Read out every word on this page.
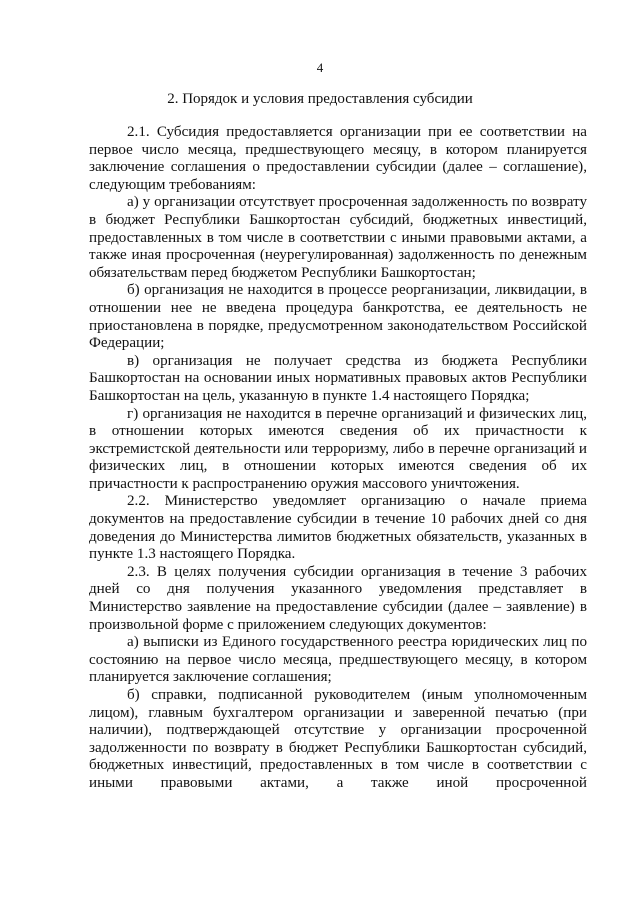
4
2. Порядок и условия предоставления субсидии

2.1. Субсидия предоставляется организации при ее соответствии на первое число месяца, предшествующего месяцу, в котором планируется заключение соглашения о предоставлении субсидии (далее – соглашение), следующим требованиям:

а) у организации отсутствует просроченная задолженность по возврату в бюджет Республики Башкортостан субсидий, бюджетных инвестиций, предоставленных в том числе в соответствии с иными правовыми актами, а также иная просроченная (неурегулированная) задолженность по денежным обязательствам перед бюджетом Республики Башкортостан;

б) организация не находится в процессе реорганизации, ликвидации, в отношении нее не введена процедура банкротства, ее деятельность не приостановлена в порядке, предусмотренном законодательством Российской Федерации;

в) организация не получает средства из бюджета Республики Башкортостан на основании иных нормативных правовых актов Республики Башкортостан на цель, указанную в пункте 1.4 настоящего Порядка;

г) организация не находится в перечне организаций и физических лиц, в отношении которых имеются сведения об их причастности к экстремистской деятельности или терроризму, либо в перечне организаций и физических лиц, в отношении которых имеются сведения об их причастности к распространению оружия массового уничтожения.

2.2. Министерство уведомляет организацию о начале приема документов на предоставление субсидии в течение 10 рабочих дней со дня доведения до Министерства лимитов бюджетных обязательств, указанных в пункте 1.3 настоящего Порядка.

2.3. В целях получения субсидии организация в течение 3 рабочих дней со дня получения указанного уведомления представляет в Министерство заявление на предоставление субсидии (далее – заявление) в произвольной форме с приложением следующих документов:

а) выписки из Единого государственного реестра юридических лиц по состоянию на первое число месяца, предшествующего месяцу, в котором планируется заключение соглашения;

б) справки, подписанной руководителем (иным уполномоченным лицом), главным бухгалтером организации и заверенной печатью (при наличии), подтверждающей отсутствие у организации просроченной задолженности по возврату в бюджет Республики Башкортостан субсидий, бюджетных инвестиций, предоставленных в том числе в соответствии с иными правовыми актами, а также иной просроченной
